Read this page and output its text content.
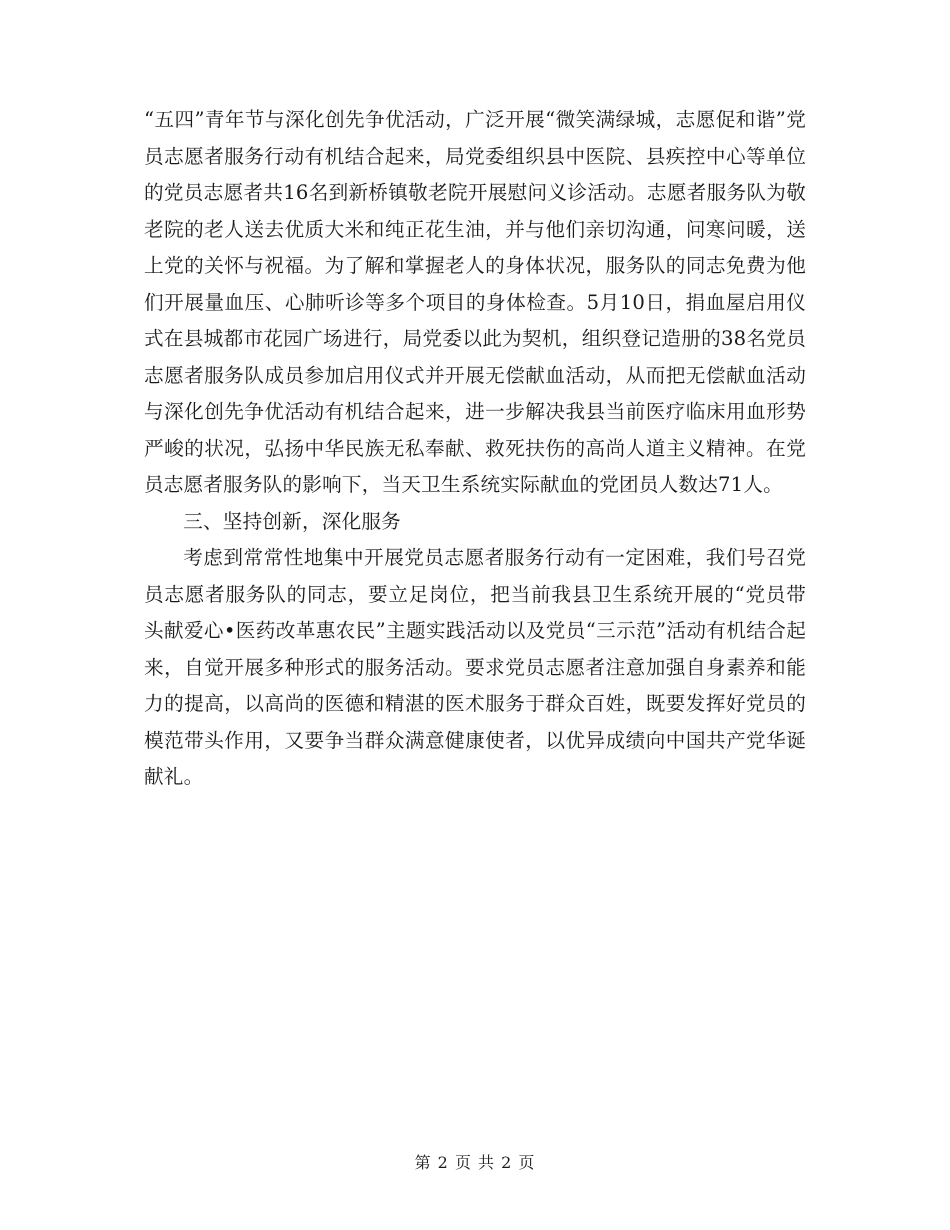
“五四”青年节与深化创先争优活动，广泛开展“微笑满绿城，志愿促和谐”党员志愿者服务行动有机结合起来，局党委组织县中医院、县疾控中心等单位的党员志愿者共16名到新桥镇敬老院开展慰问义诊活动。志愿者服务队为敬老院的老人送去优质大米和纯正花生油，并与他们亲切沟通，问寒问暖，送上党的关怀与祝福。为了解和掌握老人的身体状况，服务队的同志免费为他们开展量血压、心肺听诊等多个项目的身体检查。5月10日，捐血屋启用仪式在县城都市花园广场进行，局党委以此为契机，组织登记造册的38名党员志愿者服务队成员参加启用仪式并开展无偿献血活动，从而把无偿献血活动与深化创先争优活动有机结合起来，进一步解决我县当前医疗临床用血形势严峻的状况，弘扬中华民族无私奉献、救死扶伤的高尚人道主义精神。在党员志愿者服务队的影响下，当天卫生系统实际献血的党团员人数达71人。

三、坚持创新，深化服务

考虑到常常性地集中开展党员志愿者服务行动有一定困难，我们号召党员志愿者服务队的同志，要立足岗位，把当前我县卫生系统开展的“党员带头献爱心•医药改革惠农民”主题实践活动以及党员“三示范”活动有机结合起来，自觉开展多种形式的服务活动。要求党员志愿者注意加强自身素养和能力的提高，以高尚的医德和精湛的医术服务于群众百姓，既要发挥好党员的模范带头作用，又要争当群众满意健康使者，以优异成绩向中国共产党华诞献礼。

第 2 页 共 2 页
